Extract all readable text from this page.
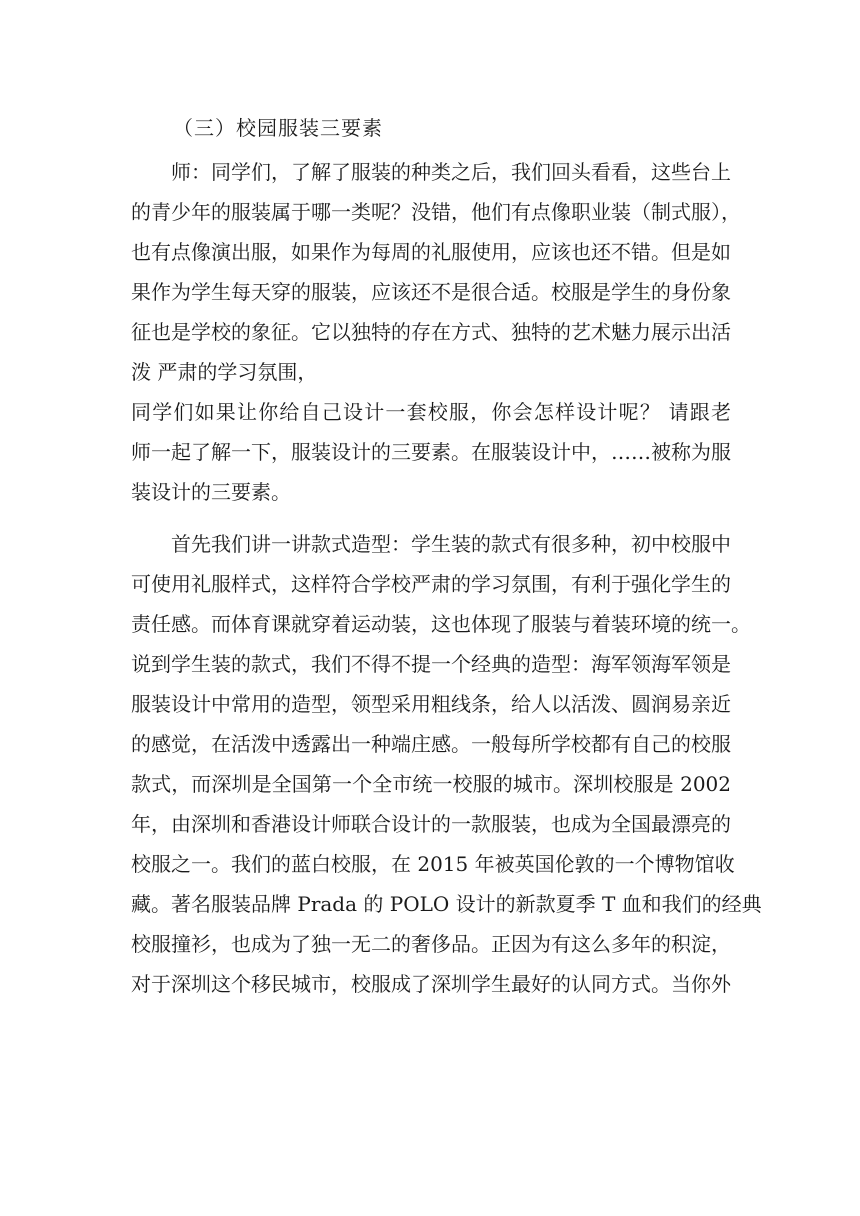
（三）校园服装三要素
师：同学们，了解了服装的种类之后，我们回头看看，这些台上
的青少年的服装属于哪一类呢？没错，他们有点像职业装（制式服），
也有点像演出服，如果作为每周的礼服使用，应该也还不错。但是如
果作为学生每天穿的服装，应该还不是很合适。校服是学生的身份象
征也是学校的象征。它以独特的存在方式、独特的艺术魅力展示出活
泼 严肃的学习氛围，
同学们如果让你给自己设计一套校服，你会怎样设计呢？ 请跟老
师一起了解一下，服装设计的三要素。在服装设计中，……被称为服
装设计的三要素。
首先我们讲一讲款式造型：学生装的款式有很多种，初中校服中
可使用礼服样式，这样符合学校严肃的学习氛围，有利于强化学生的
责任感。而体育课就穿着运动装，这也体现了服装与着装环境的统一。
说到学生装的款式，我们不得不提一个经典的造型：海军领海军领是
服装设计中常用的造型，领型采用粗线条，给人以活泼、圆润易亲近
的感觉，在活泼中透露出一种端庄感。一般每所学校都有自己的校服
款式，而深圳是全国第一个全市统一校服的城市。深圳校服是 2002
年，由深圳和香港设计师联合设计的一款服装，也成为全国最漂亮的
校服之一。我们的蓝白校服，在 2015 年被英国伦敦的一个博物馆收
藏。著名服装品牌 Prada 的 POLO 设计的新款夏季 T 血和我们的经典
校服撞衫，也成为了独一无二的奢侈品。正因为有这么多年的积淀，
对于深圳这个移民城市，校服成了深圳学生最好的认同方式。当你外
